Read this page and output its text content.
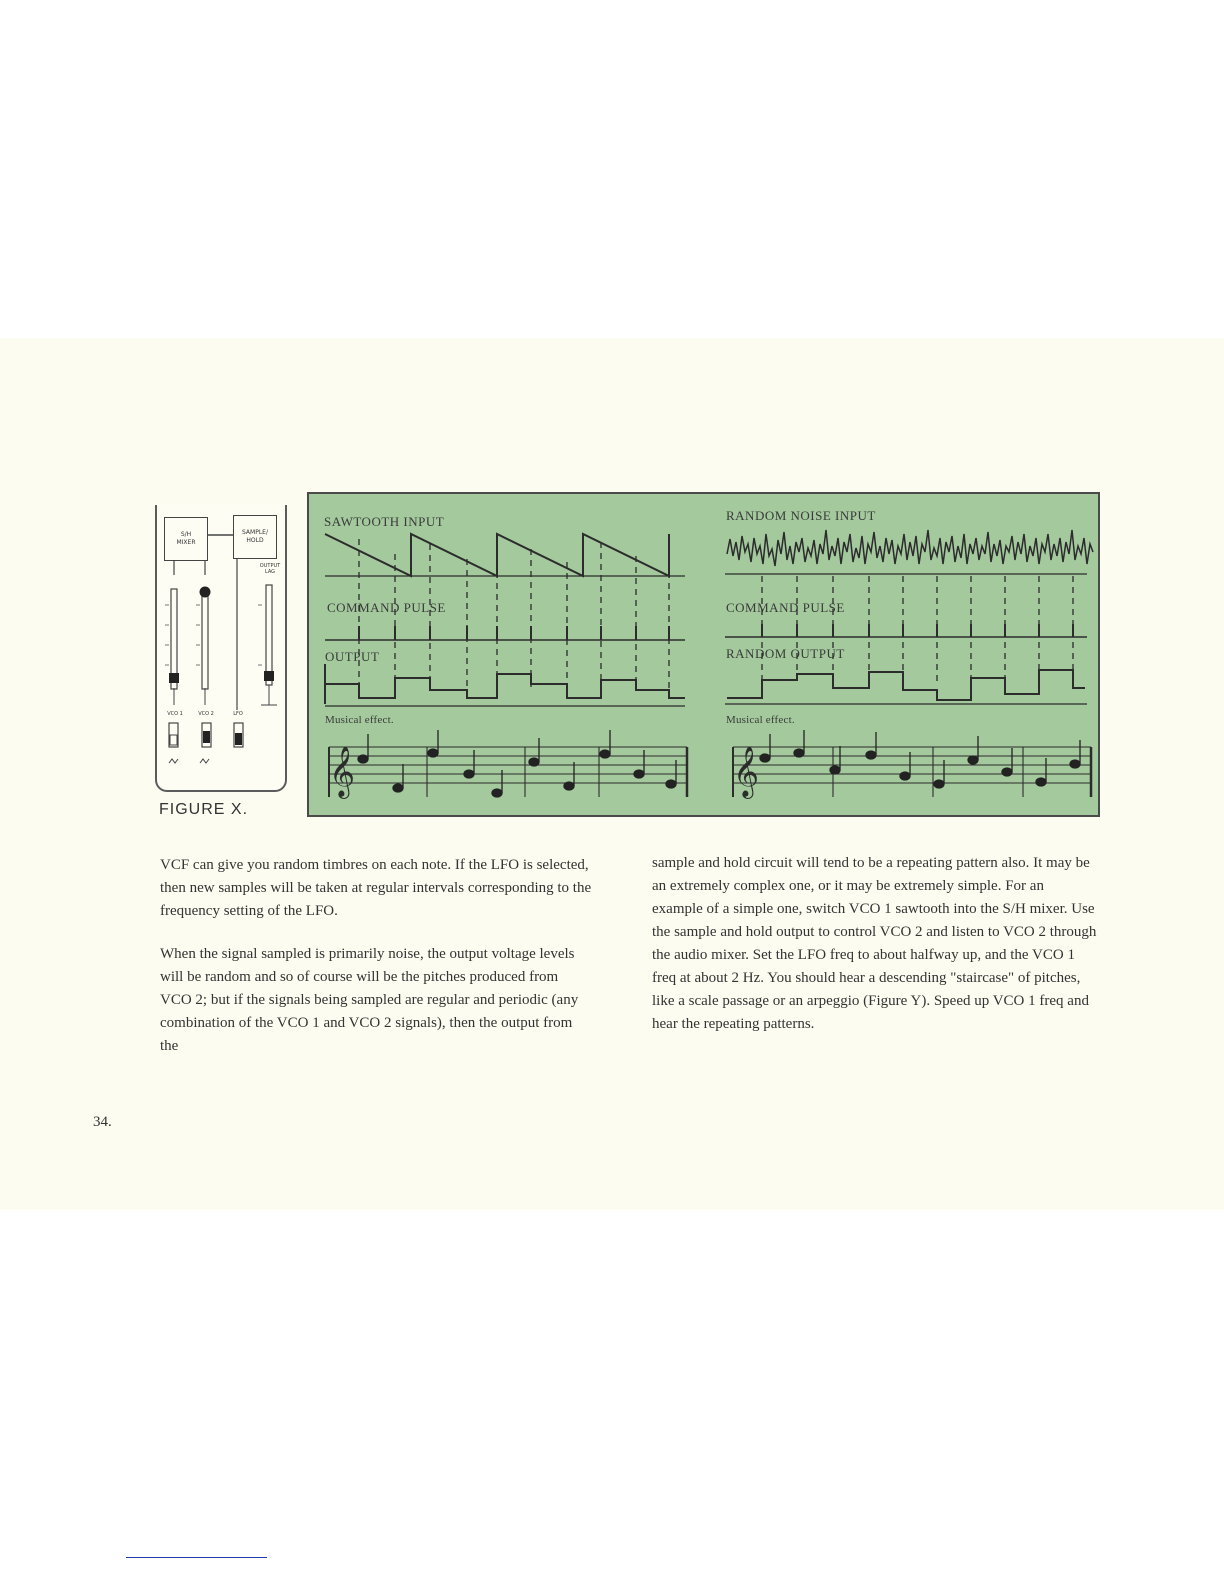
S/H
MIXER
SAMPLE/
HOLD
OUTPUT
LAG
VCO 1	VCO 2	LFO
FIGURE X.
SAWTOOTH INPUT
COMMAND PULSE
OUTPUT
Musical effect.
RANDOM NOISE INPUT
COMMAND PULSE
RANDOM OUTPUT
Musical effect.
𝄞	𝄞

VCF can give you random timbres on each note. If the LFO is selected, then new samples will be taken at regular intervals corresponding to the frequency setting of the LFO.

When the signal sampled is primarily noise, the output voltage levels will be random and so of course will be the pitches produced from VCO 2; but if the signals being sampled are regular and periodic (any combination of the VCO 1 and VCO 2 signals), then the output from the

sample and hold circuit will tend to be a repeating pattern also. It may be an extremely complex one, or it may be extremely simple. For an example of a simple one, switch VCO 1 sawtooth into the S/H mixer. Use the sample and hold output to control VCO 2 and listen to VCO 2 through the audio mixer. Set the LFO freq to about halfway up, and the VCO 1 freq at about 2 Hz. You should hear a descending "staircase" of pitches, like a scale passage or an arpeggio (Figure Y). Speed up VCO 1 freq and hear the repeating patterns.

34.
